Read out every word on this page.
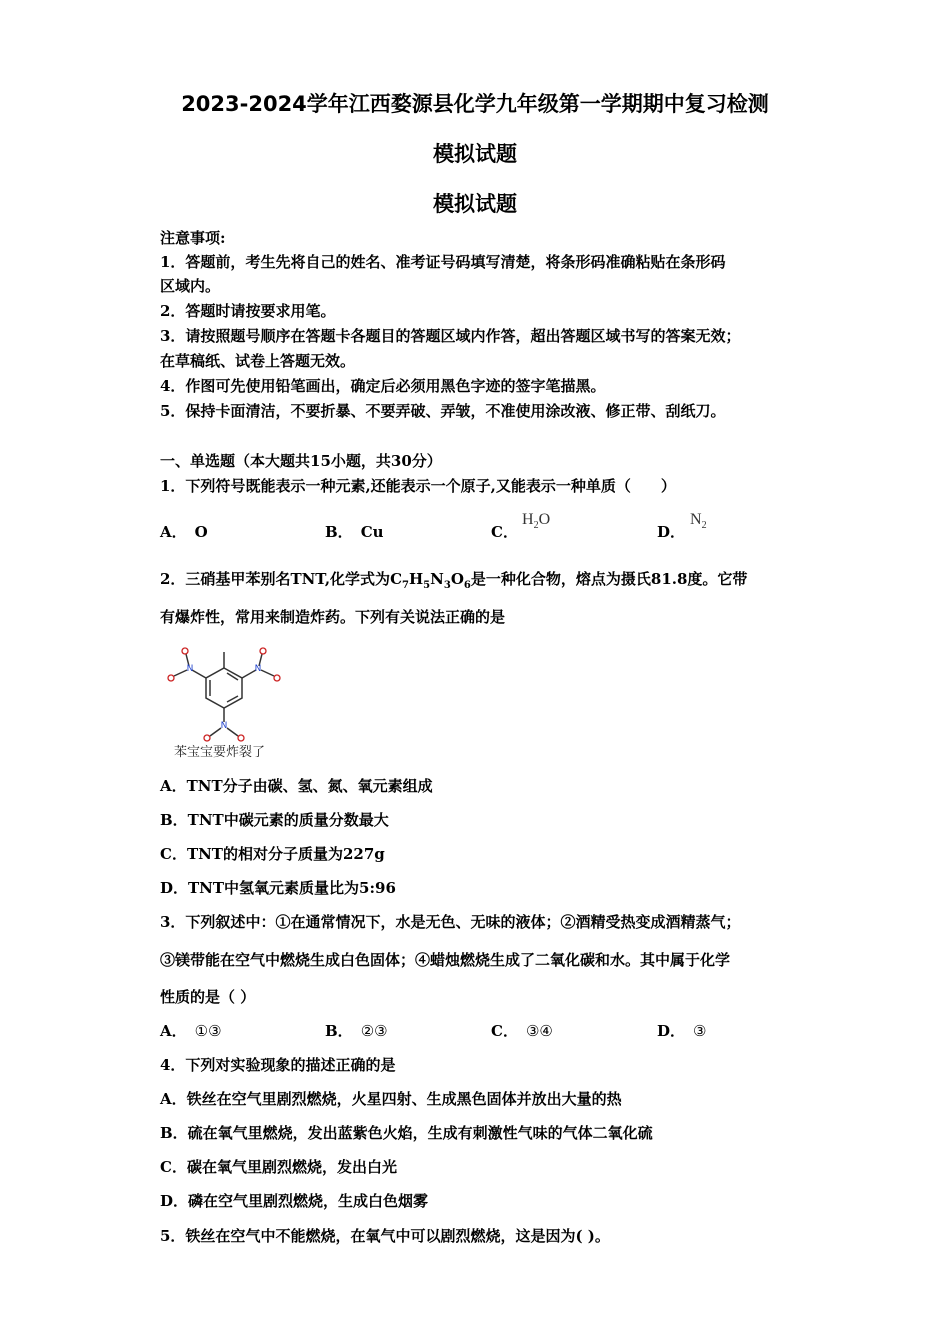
2023-2024学年江西婺源县化学九年级第一学期期中复习检测
模拟试题
模拟试题
注意事项:
1．答题前，考生先将自己的姓名、准考证号码填写清楚，将条形码准确粘贴在条形码
区域内。
2．答题时请按要求用笔。
3．请按照题号顺序在答题卡各题目的答题区域内作答，超出答题区域书写的答案无效；
在草稿纸、试卷上答题无效。
4．作图可先使用铅笔画出，确定后必须用黑色字迹的签字笔描黑。
5．保持卡面清洁，不要折暴、不要弄破、弄皱，不准使用涂改液、修正带、刮纸刀。
一、单选题（本大题共15小题，共30分）
1．下列符号既能表示一种元素,还能表示一个原子,又能表示一种单质（　　）
A． O	B． Cu	C．
$H_2O$
D．
$N_2$
2．三硝基甲苯别名TNT,化学式为$C_7H_5N_3O_6$是一种化合物，熔点为摄氏81.8度。它带
有爆炸性，常用来制造炸药。下列有关说法正确的是
N
N
N
苯宝宝要炸裂了
A．TNT分子由碳、氢、氮、氧元素组成
B．TNT中碳元素的质量分数最大
C．TNT的相对分子质量为227g
D．TNT中氢氧元素质量比为5:96
3．下列叙述中：①在通常情况下，水是无色、无味的液体；②酒精受热变成酒精蒸气；
③镁带能在空气中燃烧生成白色固体；④蜡烛燃烧生成了二氧化碳和水。其中属于化学
性质的是（ ）
A． ①③	B． ②③	C． ③④	D． ③
4．下列对实验现象的描述正确的是
A．铁丝在空气里剧烈燃烧，火星四射、生成黑色固体并放出大量的热
B．硫在氧气里燃烧，发出蓝紫色火焰，生成有刺激性气味的气体二氧化硫
C．碳在氧气里剧烈燃烧，发出白光
D．磷在空气里剧烈燃烧，生成白色烟雾
5．铁丝在空气中不能燃烧，在氧气中可以剧烈燃烧，这是因为( )。
